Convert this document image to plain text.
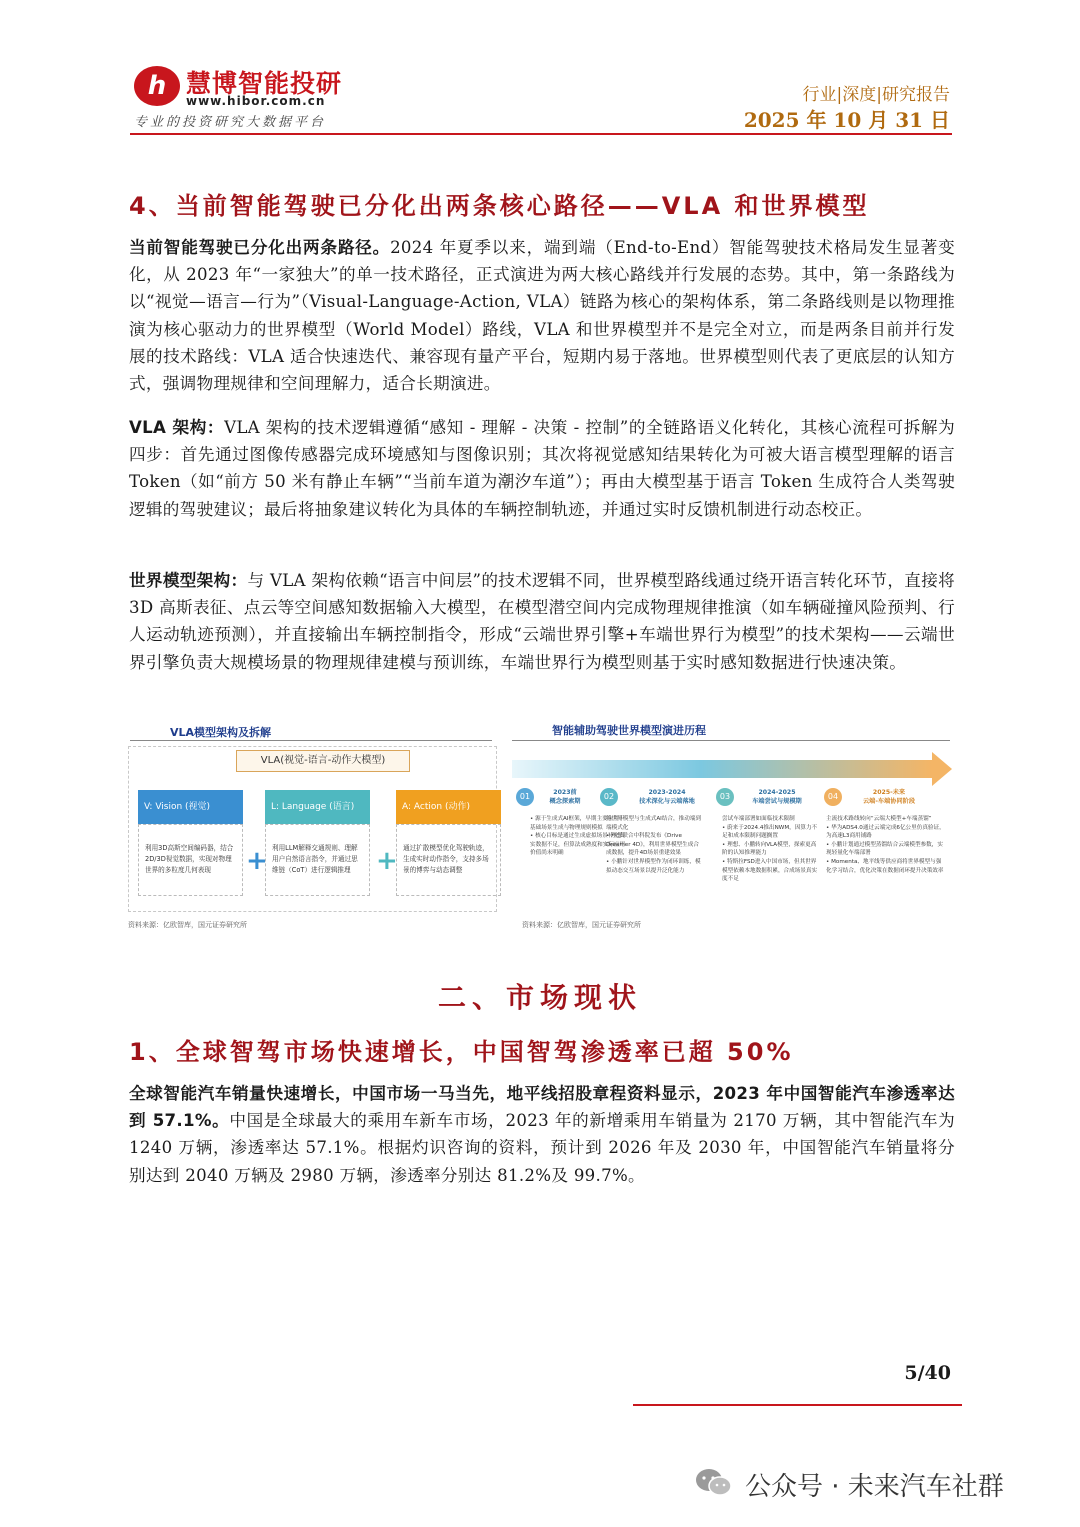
h 慧博智能投研
www.hibor.com.cn
专业的投资研究大数据平台
行业|深度|研究报告
2025 年 10 月 31 日
4、当前智能驾驶已分化出两条核心路径——VLA 和世界模型
当前智能驾驶已分化出两条路径。2024 年夏季以来，端到端（End-to-End）智能驾驶技术格局发生显著变化，从 2023 年“一家独大”的单一技术路径，正式演进为两大核心路线并行发展的态势。其中，第一条路线为以“视觉—语言—行为”（Visual-Language-Action, VLA）链路为核心的架构体系，第二条路线则是以物理推演为核心驱动力的世界模型（World Model）路线，VLA 和世界模型并不是完全对立，而是两条目前并行发展的技术路线：VLA 适合快速迭代、兼容现有量产平台，短期内易于落地。世界模型则代表了更底层的认知方式，强调物理规律和空间理解力，适合长期演进。
VLA 架构：VLA 架构的技术逻辑遵循“感知 - 理解 - 决策 - 控制”的全链路语义化转化，其核心流程可拆解为四步：首先通过图像传感器完成环境感知与图像识别；其次将视觉感知结果转化为可被大语言模型理解的语言 Token（如“前方 50 米有静止车辆”“当前车道为潮汐车道”）；再由大模型基于语言 Token 生成符合人类驾驶逻辑的驾驶建议；最后将抽象建议转化为具体的车辆控制轨迹，并通过实时反馈机制进行动态校正。
世界模型架构：与 VLA 架构依赖“语言中间层”的技术逻辑不同，世界模型路线通过绕开语言转化环节，直接将 3D 高斯表征、点云等空间感知数据输入大模型，在模型潜空间内完成物理规律推演（如车辆碰撞风险预判、行人运动轨迹预测），并直接输出车辆控制指令，形成“云端世界引擎+车端世界行为模型”的技术架构——云端世界引擎负责大规模场景的物理规律建模与预训练，车端世界行为模型则基于实时感知数据进行快速决策。
VLA模型架构及拆解
VLA(视觉-语言-动作大模型)
V: Vision (视觉)
利用3D高斯空间编码器，结合2D/3D视觉数据，实现对物理世界的多粒度几何表现	+
L: Language (语言)
利用LLM解释交通规则、理解用户自然语言指令，并通过思维链（CoT）进行逻辑推理 +
A: Action (动作)
通过扩散模型优化驾驶轨迹，生成实时动作指令，支持多场景的博弈与动态调整
资料来源：亿欧智库，国元证券研究所
智能辅助驾驶世界模型演进历程
01	2023前
概念探索期
• 源于生成式AI框架，早期主要应用于基础场景生成与物理规则模拟
• 核心目标是通过生成虚拟场景补充真实数据不足，但算法成熟度和实际应用价值尚未明确
02	2023-2024
技术深化与云端落地
将世界模型与生成式AI结合，推动端到端模式化
• 理想联合中科院发布《Drive Dreamer 4D》，利用世界模型生成合成数据，提升4D场景重建效果
• 小鹏针对世界模型作为闭环训练，模拟动态交互场景以提升泛化能力
03	2024-2025
车端尝试与规模期
尝试车端部署如面临技术限制
• 蔚来于2024.4推出NWM，因算力不足和成本限制问题搁置
• 理想、小鹏转向VLA模型，探索更高阶的认知推理能力
• 特斯拉FSD进入中国市场，但其世界模型依赖本地数据积累，合成场景真实度不足
04	2025-未来
云端-车端协同阶段
主流技术路线转向“云端大模型+车端蒸馏”
• 华为ADS4.0通过云端完成6亿公里仿真验证，为高速L3商用铺路
• 小鹏计划通过模型蒸馏结合云端模型参数，实现轻量化车端部署
• Momenta、地平线等供应商将世界模型与强化学习结合，优化决策在数据闭环提升决策效率
资料来源：亿欧智库，国元证券研究所
二、市场现状
1、全球智驾市场快速增长，中国智驾渗透率已超 50%
全球智能汽车销量快速增长，中国市场一马当先，地平线招股章程资料显示，2023 年中国智能汽车渗透率达到 57.1%。中国是全球最大的乘用车新车市场，2023 年的新增乘用车销量为 2170 万辆，其中智能汽车为 1240 万辆，渗透率达 57.1%。根据灼识咨询的资料，预计到 2026 年及 2030 年，中国智能汽车销量将分别达到 2040 万辆及 2980 万辆，渗透率分别达 81.2%及 99.7%。
5/40
公众号 · 未来汽车社群
